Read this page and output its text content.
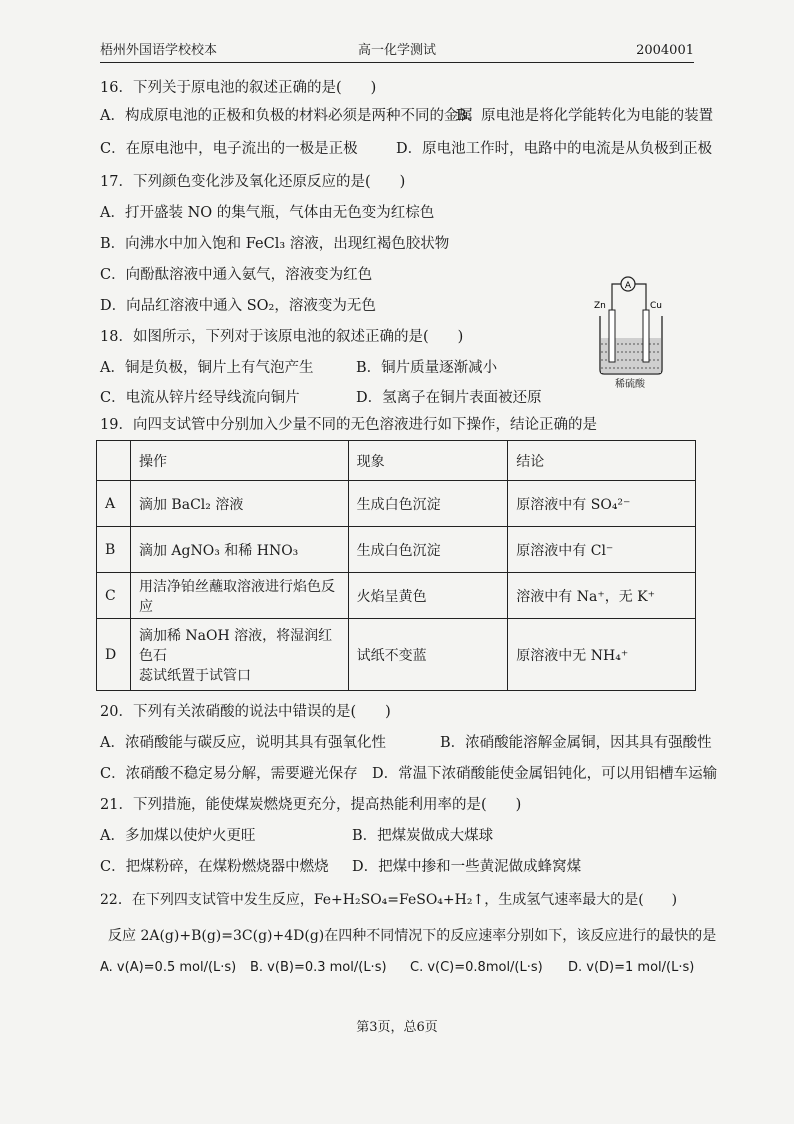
梧州外国语学校校本	高一化学测试	2004001
16．下列关于原电池的叙述正确的是(　　)
A．构成原电池的正极和负极的材料必须是两种不同的金属
B．原电池是将化学能转化为电能的装置
C．在原电池中，电子流出的一极是正极	D．原电池工作时，电路中的电流是从负极到正极
17．下列颜色变化涉及氧化还原反应的是(　　)
A．打开盛装 NO 的集气瓶，气体由无色变为红棕色
B．向沸水中加入饱和 FeCl₃ 溶液，出现红褐色胶状物
C．向酚酞溶液中通入氨气，溶液变为红色
D．向品红溶液中通入 SO₂，溶液变为无色
18．如图所示，下列对于该原电池的叙述正确的是(　　)
A．铜是负极，铜片上有气泡产生	B．铜片质量逐渐减小
C．电流从锌片经导线流向铜片	D．氢离子在铜片表面被还原
A
Zn	Cu
稀硫酸
19．向四支试管中分别加入少量不同的无色溶液进行如下操作，结论正确的是
	操作	现象	结论
A	滴加 BaCl₂ 溶液	生成白色沉淀	原溶液中有 SO₄²⁻
B	滴加 AgNO₃ 和稀 HNO₃	生成白色沉淀	原溶液中有 Cl⁻
C	用洁净铂丝蘸取溶液进行焰色反应	火焰呈黄色	溶液中有 Na⁺，无 K⁺
D	滴加稀 NaOH 溶液，将湿润红色石
蕊试纸置于试管口	试纸不变蓝	原溶液中无 NH₄⁺
20．下列有关浓硝酸的说法中错误的是(　　)
A．浓硝酸能与碳反应，说明其具有强氧化性	B．浓硝酸能溶解金属铜，因其具有强酸性
C．浓硝酸不稳定易分解，需要避光保存 D．常温下浓硝酸能使金属铝钝化，可以用铝槽车运输
21．下列措施，能使煤炭燃烧更充分，提高热能利用率的是(　　)
A．多加煤以使炉火更旺	B．把煤炭做成大煤球
C．把煤粉碎，在煤粉燃烧器中燃烧 D．把煤中掺和一些黄泥做成蜂窝煤
22．在下列四支试管中发生反应，Fe+H₂SO₄=FeSO₄+H₂↑，生成氢气速率最大的是(　　)
反应 2A(g)+B(g)=3C(g)+4D(g)在四种不同情况下的反应速率分别如下，该反应进行的最快的是
A. v(A)=0.5 mol/(L·s) B. v(B)=0.3 mol/(L·s) C. v(C)=0.8mol/(L·s) D. v(D)=1 mol/(L·s)
第3页，总6页
